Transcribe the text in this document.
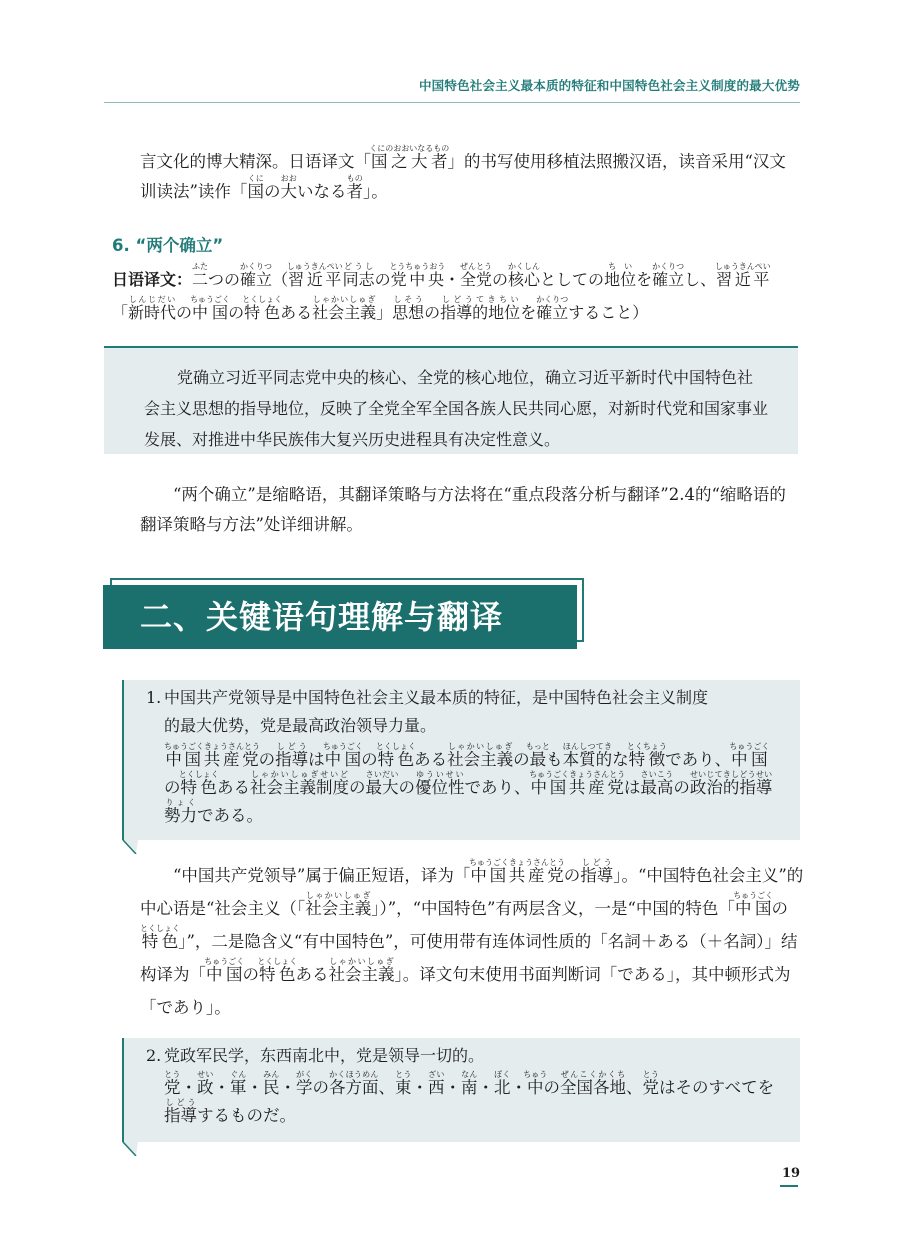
中国特色社会主义最本质的特征和中国特色社会主义制度的最大优势

言文化的博大精深。日语译文「国之大者くにのおおいなるもの」的书写使用移植法照搬汉语，读音采用“汉文训读法”读作「国くにの大おおいなる者もの」。

6. “两个确立”

日语译文：二ふたつの確立かくりつ（習近平しゅうきんぺい同志どうしの党中央とうちゅうおう・全党ぜんとうの核心かくしんとしての地位ちいを確立かくりつし、習近平しゅうきんぺい「新時代しんじだいの中国ちゅうごくの特色とくしょくある社会主義しゃかいしゅぎ」思想しそうの指導的地位しどうてきちいを確立かくりつすること）

党确立习近平同志党中央的核心、全党的核心地位，确立习近平新时代中国特色社会主义思想的指导地位，反映了全党全军全国各族人民共同心愿，对新时代党和国家事业发展、对推进中华民族伟大复兴历史进程具有决定性意义。

“两个确立”是缩略语，其翻译策略与方法将在“重点段落分析与翻译”2.4的“缩略语的翻译策略与方法”处详细讲解。

二、关键语句理解与翻译

1. 中国共产党领导是中国特色社会主义最本质的特征，是中国特色社会主义制度
的最大优势，党是最高政治领导力量。

中国共産党ちゅうごくきょうさんとうの指導しどうは中国ちゅうごくの特色とくしょくある社会主義しゃかいしゅぎの最もっとも本質的ほんしつてきな特徴とくちょうであり、中国ちゅうごくの特色とくしょくある社会主義制度しゃかいしゅぎせいどの最大さいだいの優位性ゆういせいであり、中国共産党ちゅうごくきょうさんとうは最高さいこうの政治的指導勢力せいじてきしどうせいりょくである。

“中国共产党领导”属于偏正短语，译为「中国共産党ちゅうごくきょうさんとうの指導しどう」。“中国特色社会主义”的中心语是“社会主义（「社会主義しゃかいしゅぎ」）”，“中国特色”有两层含义，一是“中国的特色「中国ちゅうごくの特色とくしょく」”，二是隐含义“有中国特色”，可使用带有连体词性质的「名詞＋ある（＋名詞）」结构译为「中国ちゅうごくの特色とくしょくある社会主義しゃかいしゅぎ」。译文句末使用书面判断词「である」，其中顿形式为「であり」。

2. 党政军民学，东西南北中，党是领导一切的。

党とう・政せい・軍ぐん・民みん・学がくの各方面かくほうめん、東とう・西ざい・南なん・北ぼく・中ちゅうの全国各地ぜんこくかくち、党とうはそのすべてを指導しどうするものだ。

19
